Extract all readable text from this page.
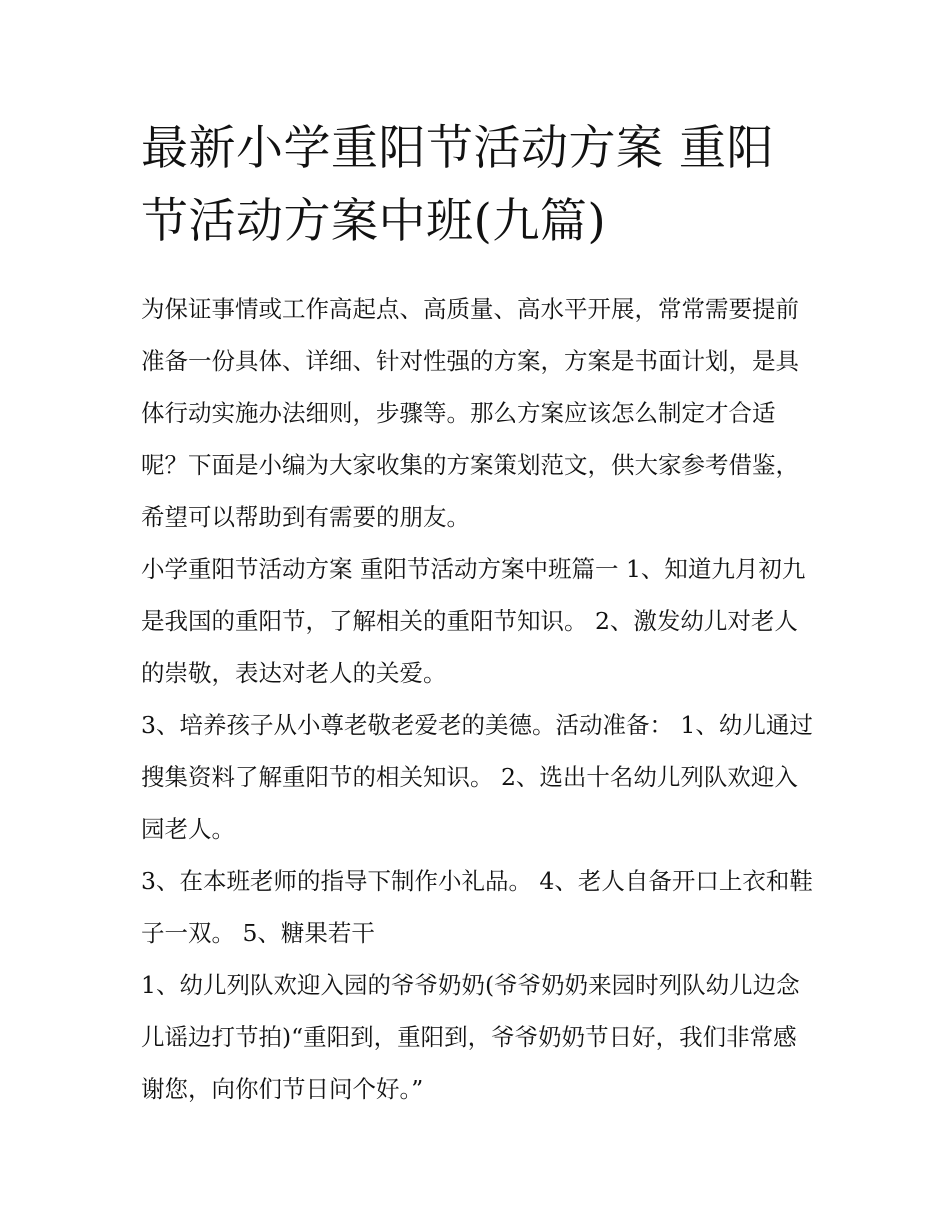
最新小学重阳节活动方案 重阳节活动方案中班(九篇)

为保证事情或工作高起点、高质量、高水平开展，常常需要提前准备一份具体、详细、针对性强的方案，方案是书面计划，是具体行动实施办法细则，步骤等。那么方案应该怎么制定才合适呢？下面是小编为大家收集的方案策划范文，供大家参考借鉴，希望可以帮助到有需要的朋友。

小学重阳节活动方案 重阳节活动方案中班篇一 1、知道九月初九是我国的重阳节，了解相关的重阳节知识。 2、激发幼儿对老人的崇敬，表达对老人的关爱。

3、培养孩子从小尊老敬老爱老的美德。活动准备： 1、幼儿通过搜集资料了解重阳节的相关知识。 2、选出十名幼儿列队欢迎入园老人。

3、在本班老师的指导下制作小礼品。 4、老人自备开口上衣和鞋子一双。 5、糖果若干

1、幼儿列队欢迎入园的爷爷奶奶(爷爷奶奶来园时列队幼儿边念儿谣边打节拍)“重阳到，重阳到，爷爷奶奶节日好，我们非常感谢您，向你们节日问个好。”
